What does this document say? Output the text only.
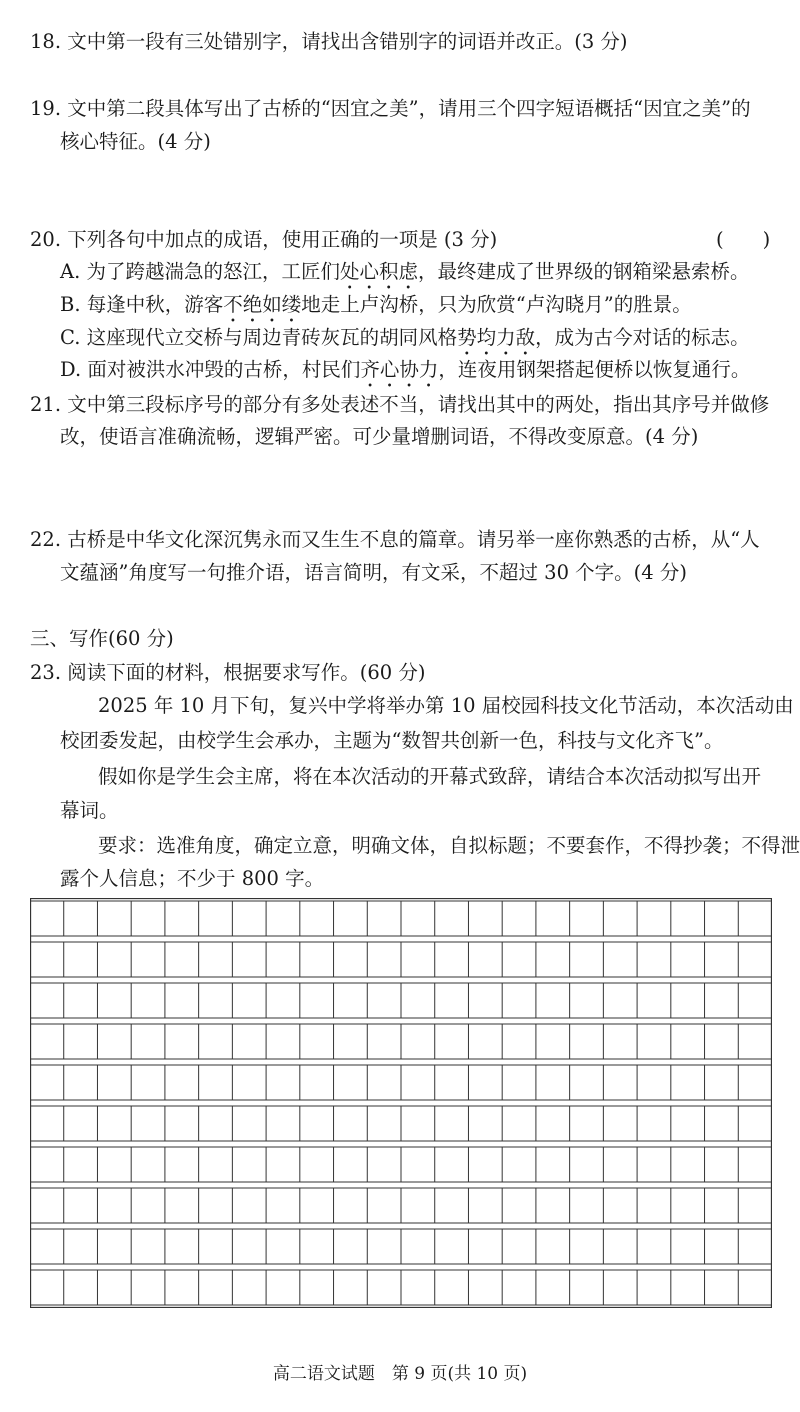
18. 文中第一段有三处错别字，请找出含错别字的词语并改正。(3 分)
19. 文中第二段具体写出了古桥的“因宜之美”，请用三个四字短语概括“因宜之美”的
核心特征。(4 分)
20. 下列各句中加点的成语，使用正确的一项是 (3 分)	(　　)
A. 为了跨越湍急的怒江，工匠们处心积虑，最终建成了世界级的钢箱梁悬索桥。
B. 每逢中秋，游客不绝如缕地走上卢沟桥，只为欣赏“卢沟晓月”的胜景。
C. 这座现代立交桥与周边青砖灰瓦的胡同风格势均力敌，成为古今对话的标志。
D. 面对被洪水冲毁的古桥，村民们齐心协力，连夜用钢架搭起便桥以恢复通行。
21. 文中第三段标序号的部分有多处表述不当，请找出其中的两处，指出其序号并做修
改，使语言准确流畅，逻辑严密。可少量增删词语，不得改变原意。(4 分)
22. 古桥是中华文化深沉隽永而又生生不息的篇章。请另举一座你熟悉的古桥，从“人
文蕴涵”角度写一句推介语，语言简明，有文采，不超过 30 个字。(4 分)
三、写作(60 分)
23. 阅读下面的材料，根据要求写作。(60 分)
2025 年 10 月下旬，复兴中学将举办第 10 届校园科技文化节活动，本次活动由
校团委发起，由校学生会承办，主题为“数智共创新一色，科技与文化齐飞”。
假如你是学生会主席，将在本次活动的开幕式致辞，请结合本次活动拟写出开
幕词。
要求：选准角度，确定立意，明确文体，自拟标题；不要套作，不得抄袭；不得泄
露个人信息；不少于 800 字。
高二语文试题　第 9 页(共 10 页)
